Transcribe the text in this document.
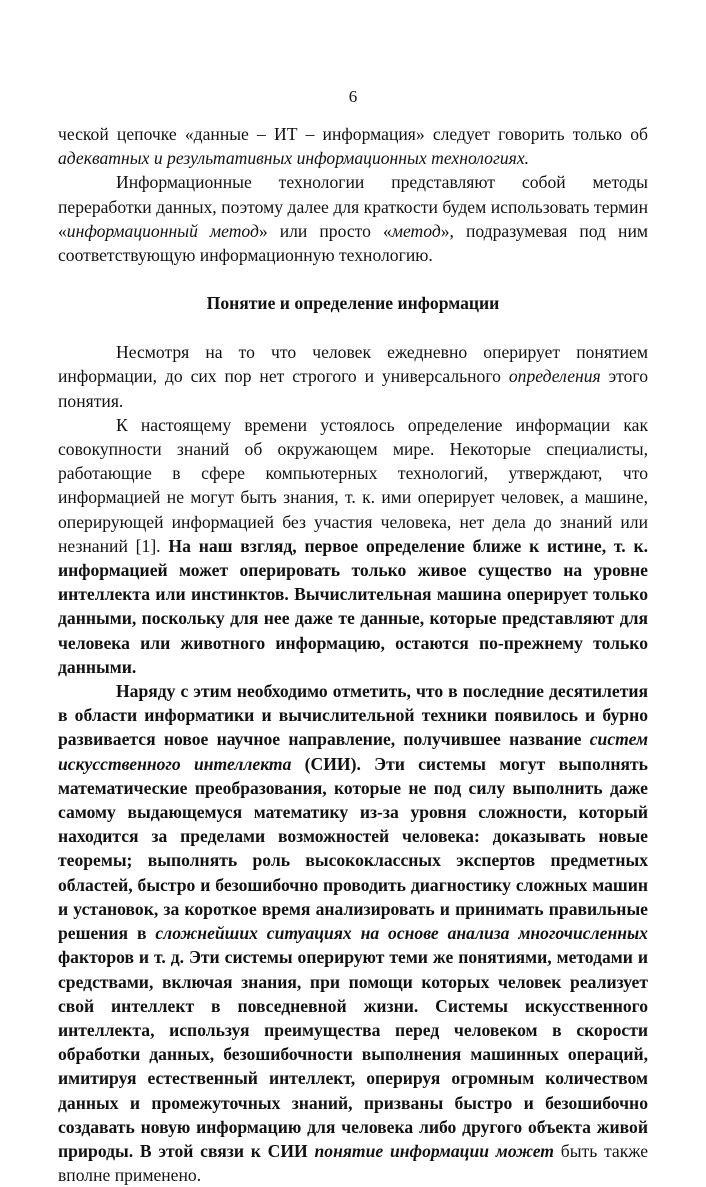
6

ческой цепочке «данные – ИТ – информация» следует говорить только об адекватных и результативных информационных технологиях.

Информационные технологии представляют собой методы переработки данных, поэтому далее для краткости будем использовать термин «информационный метод» или просто «метод», подразумевая под ним соответствующую информационную технологию.

Понятие и определение информации

Несмотря на то что человек ежедневно оперирует понятием информации, до сих пор нет строгого и универсального определения этого понятия.

К настоящему времени устоялось определение информации как совокупности знаний об окружающем мире. Некоторые специалисты, работающие в сфере компьютерных технологий, утверждают, что информацией не могут быть знания, т. к. ими оперирует человек, а машине, оперирующей информацией без участия человека, нет дела до знаний или незнаний [1]. На наш взгляд, первое определение ближе к истине, т. к. информацией может оперировать только живое существо на уровне интеллекта или инстинктов. Вычислительная машина оперирует только данными, поскольку для нее даже те данные, которые представляют для человека или животного информацию, остаются по-прежнему только данными.

Наряду с этим необходимо отметить, что в последние десятилетия в области информатики и вычислительной техники появилось и бурно развивается новое научное направление, получившее название систем искусственного интеллекта (СИИ). Эти системы могут выполнять математические преобразования, которые не под силу выполнить даже самому выдающемуся математику из-за уровня сложности, который находится за пределами возможностей человека: доказывать новые теоремы; выполнять роль высококлассных экспертов предметных областей, быстро и безошибочно проводить диагностику сложных машин и установок, за короткое время анализировать и принимать правильные решения в сложнейших ситуациях на основе анализа многочисленных факторов и т. д. Эти системы оперируют теми же понятиями, методами и средствами, включая знания, при помощи которых человек реализует свой интеллект в повседневной жизни. Системы искусственного интеллекта, используя преимущества перед человеком в скорости обработки данных, безошибочности выполнения машинных операций, имитируя естественный интеллект, оперируя огромным количеством данных и промежуточных знаний, призваны быстро и безошибочно создавать новую информацию для человека либо другого объекта живой природы. В этой связи к СИИ понятие информации может быть также вполне применено.
